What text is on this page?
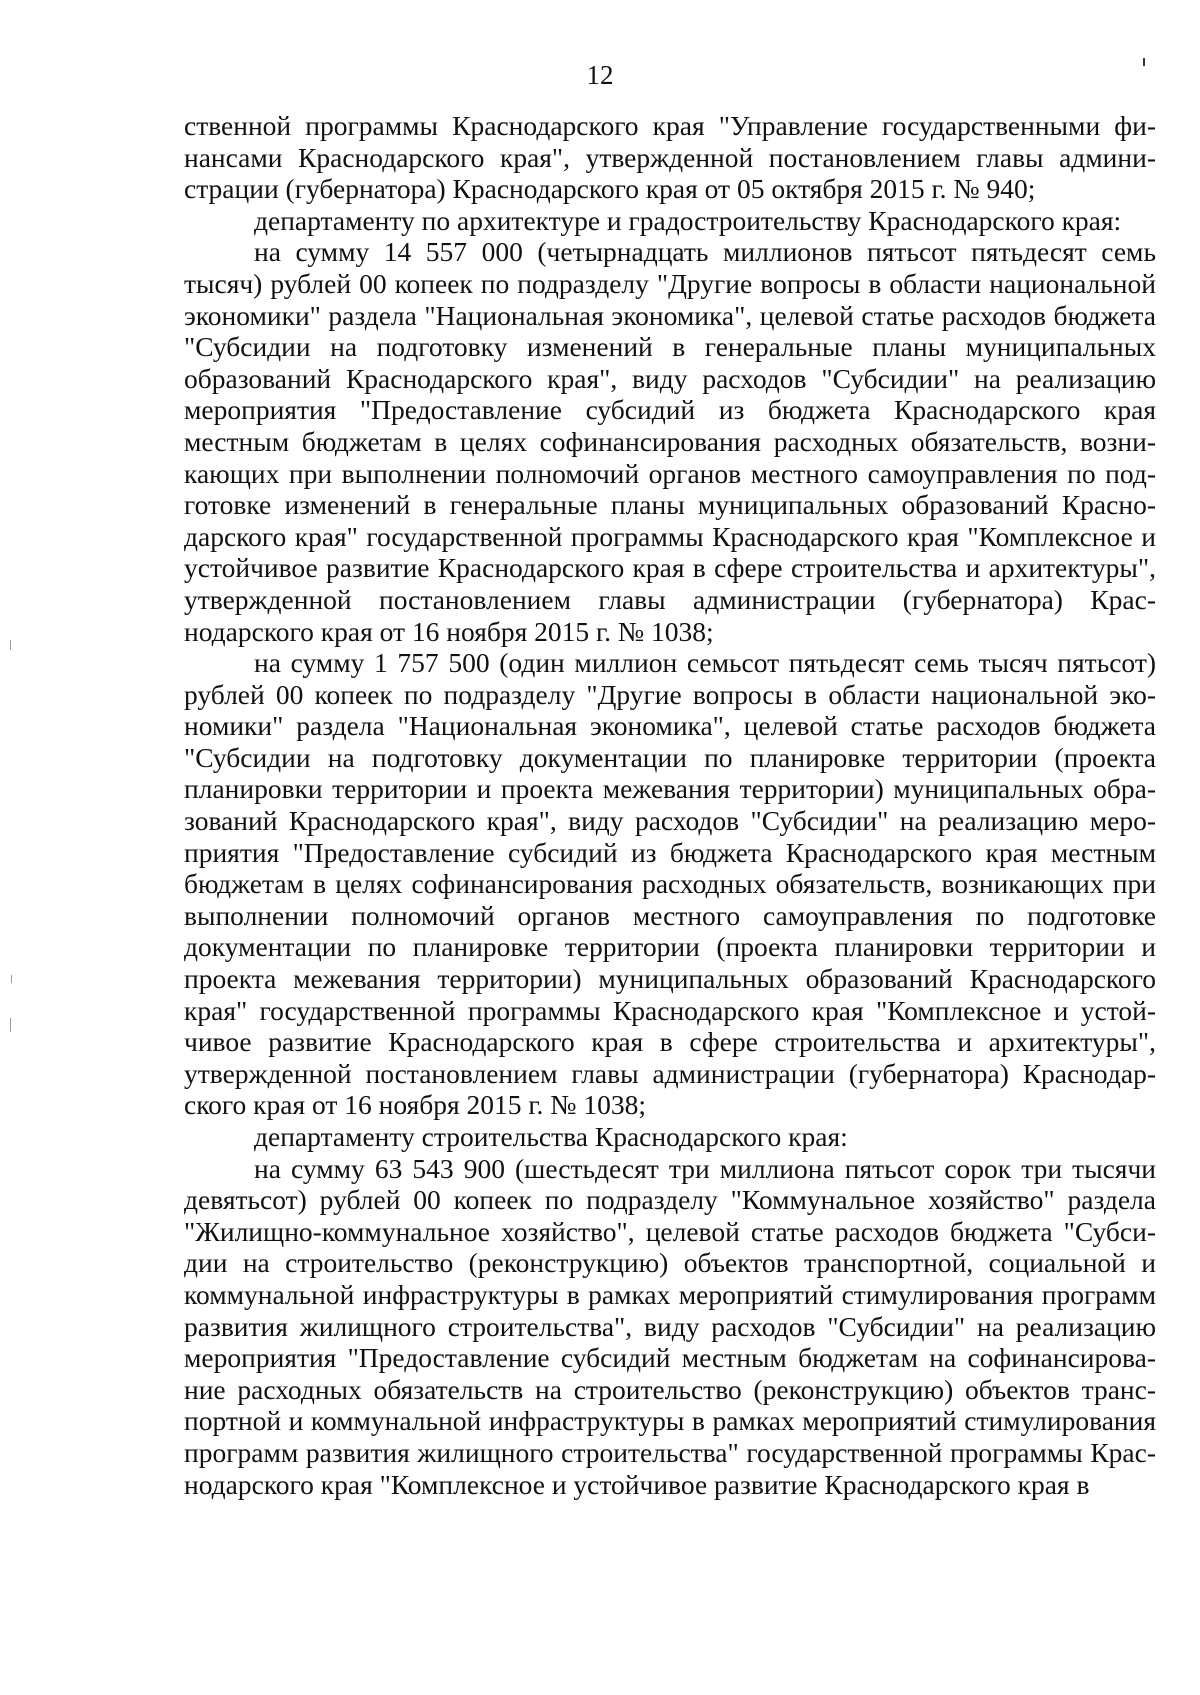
12

ственной программы Краснодарского края "Управление государственными финансами Краснодарского края", утвержденной постановлением главы администрации (губернатора) Краснодарского края от 05 октября 2015 г. № 940;

департаменту по архитектуре и градостроительству Краснодарского края:

на сумму 14 557 000 (четырнадцать миллионов пятьсот пятьдесят семь тысяч) рублей 00 копеек по подразделу "Другие вопросы в области национальной экономики" раздела "Национальная экономика", целевой статье расходов бюджета "Субсидии на подготовку изменений в генеральные планы муниципальных образований Краснодарского края", виду расходов "Субсидии" на реализацию мероприятия "Предоставление субсидий из бюджета Краснодарского края местным бюджетам в целях софинансирования расходных обязательств, возникающих при выполнении полномочий органов местного самоуправления по подготовке изменений в генеральные планы муниципальных образований Краснодарского края" государственной программы Краснодарского края "Комплексное и устойчивое развитие Краснодарского края в сфере строительства и архитектуры", утвержденной постановлением главы администрации (губернатора) Краснодарского края от 16 ноября 2015 г. № 1038;

на сумму 1 757 500 (один миллион семьсот пятьдесят семь тысяч пятьсот) рублей 00 копеек по подразделу "Другие вопросы в области национальной экономики" раздела "Национальная экономика", целевой статье расходов бюджета "Субсидии на подготовку документации по планировке территории (проекта планировки территории и проекта межевания территории) муниципальных образований Краснодарского края", виду расходов "Субсидии" на реализацию мероприятия "Предоставление субсидий из бюджета Краснодарского края местным бюджетам в целях софинансирования расходных обязательств, возникающих при выполнении полномочий органов местного самоуправления по подготовке документации по планировке территории (проекта планировки территории и проекта межевания территории) муниципальных образований Краснодарского края" государственной программы Краснодарского края "Комплексное и устойчивое развитие Краснодарского края в сфере строительства и архитектуры", утвержденной постановлением главы администрации (губернатора) Краснодарского края от 16 ноября 2015 г. № 1038;

департаменту строительства Краснодарского края:

на сумму 63 543 900 (шестьдесят три миллиона пятьсот сорок три тысячи девятьсот) рублей 00 копеек по подразделу "Коммунальное хозяйство" раздела "Жилищно-коммунальное хозяйство", целевой статье расходов бюджета "Субсидии на строительство (реконструкцию) объектов транспортной, социальной и коммунальной инфраструктуры в рамках мероприятий стимулирования программ развития жилищного строительства", виду расходов "Субсидии" на реализацию мероприятия "Предоставление субсидий местным бюджетам на софинансирование расходных обязательств на строительство (реконструкцию) объектов транспортной и коммунальной инфраструктуры в рамках мероприятий стимулирования программ развития жилищного строительства" государственной программы Краснодарского края "Комплексное и устойчивое развитие Краснодарского края в
